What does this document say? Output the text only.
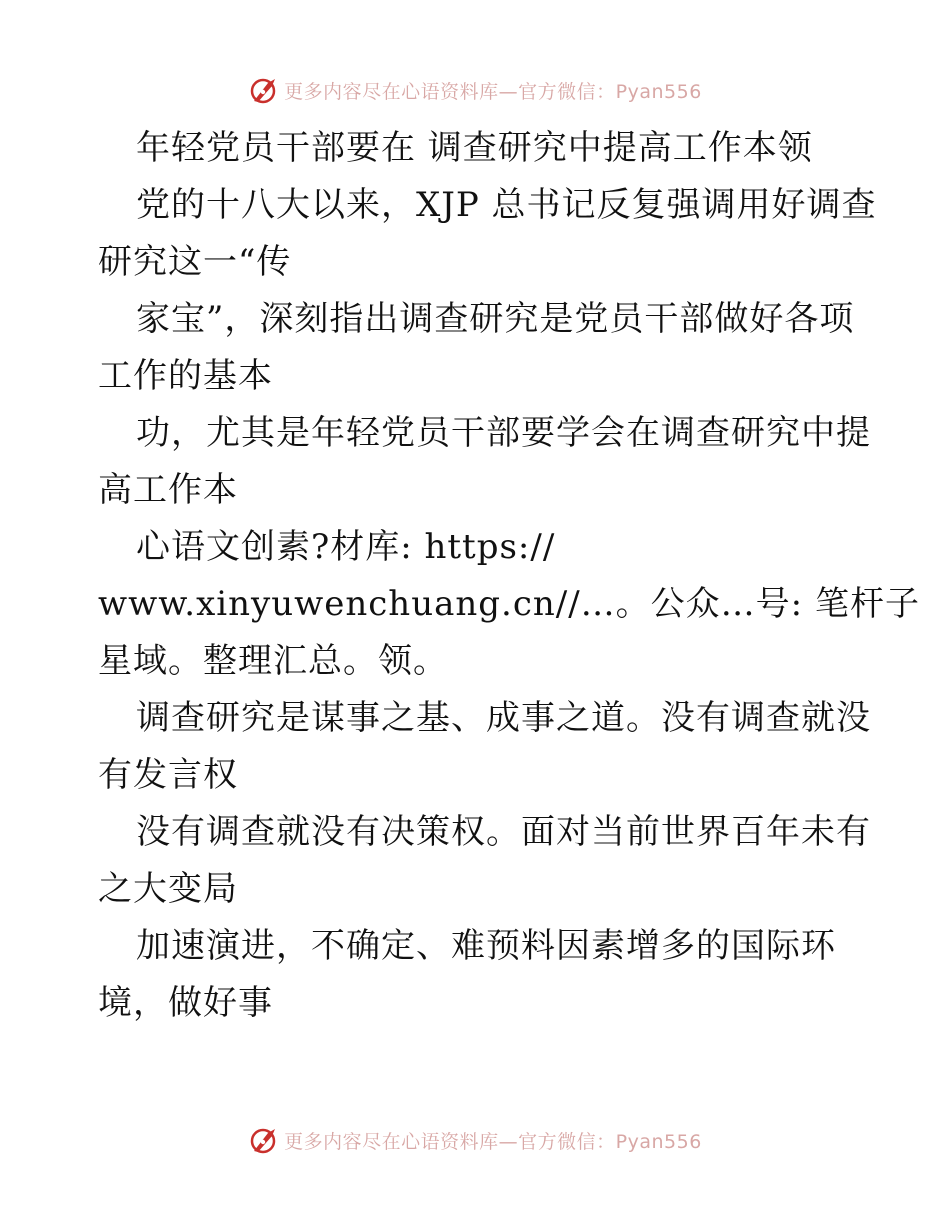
更多内容尽在心语资料库—官方微信：Pyan556
年轻党员干部要在 调查研究中提高工作本领
党的十八大以来，XJP 总书记反复强调用好调查
研究这一“传
家宝”，深刻指出调查研究是党员干部做好各项
工作的基本
功，尤其是年轻党员干部要学会在调查研究中提
高工作本
心语文创素?材库: https://
www.xinyuwenchuang.cn//…。公众…号: 笔杆子
星域。整理汇总。领。
调查研究是谋事之基、成事之道。没有调查就没
有发言权
没有调查就没有决策权。面对当前世界百年未有
之大变局
加速演进，不确定、难预料因素增多的国际环
境，做好事
更多内容尽在心语资料库—官方微信：Pyan556
